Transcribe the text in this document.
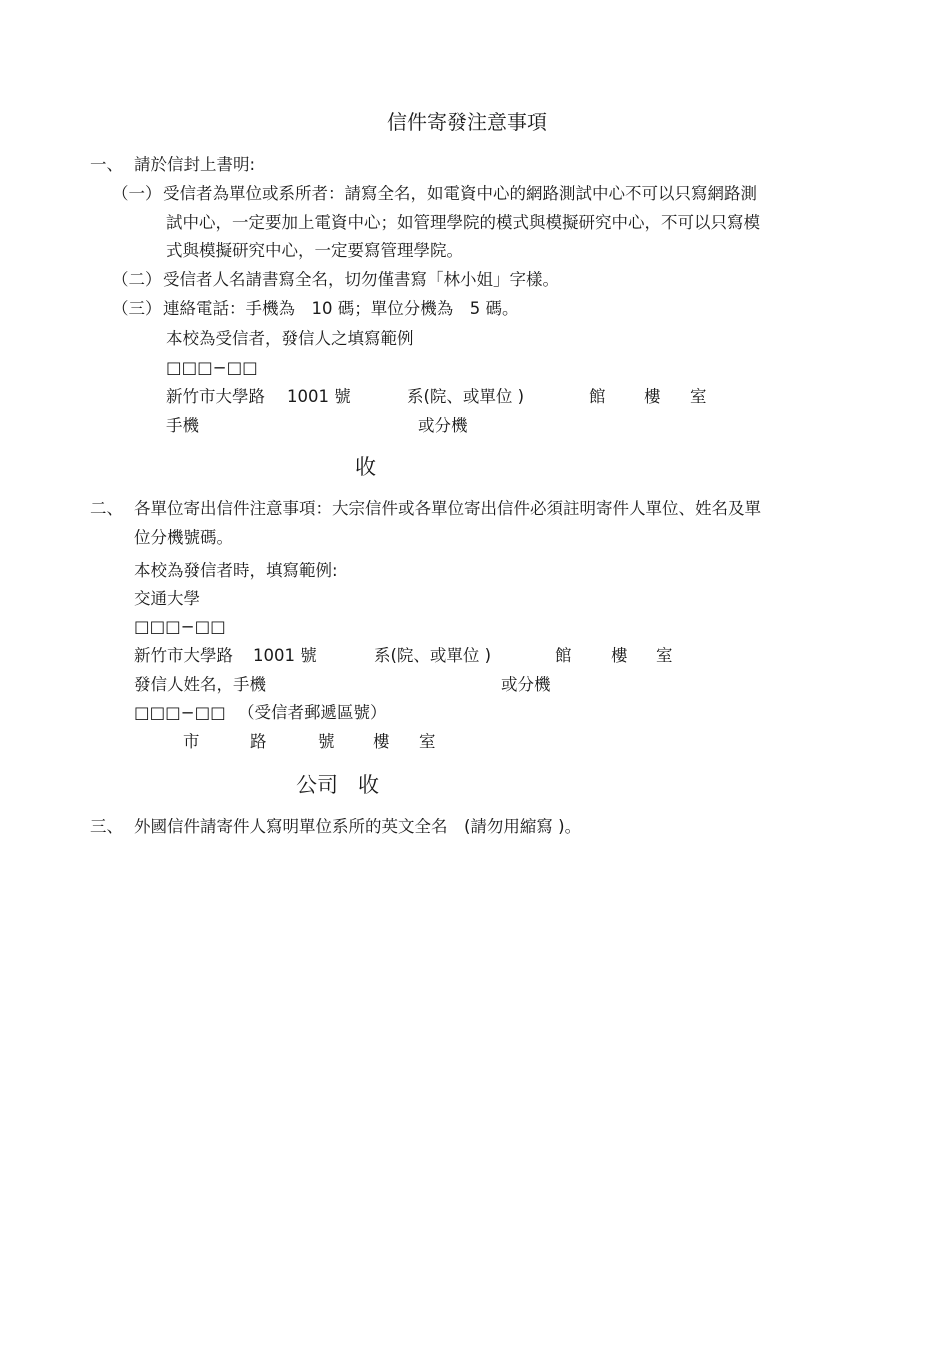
信件寄發注意事項
一、 請於信封上書明:
（一） 受信者為單位或系所者：請寫全名，如電資中心的網路測試中心不可以只寫網路測
試中心，一定要加上電資中心；如管理學院的模式與模擬研究中心，不可以只寫模
式與模擬研究中心，一定要寫管理學院。
（二） 受信者人名請書寫全名，切勿僅書寫「林小姐」字樣。
（三） 連絡電話：手機為　10 碼；單位分機為　5 碼。
本校為受信者，發信人之填寫範例
□□□−□□
新竹市大學路 1001 號	系(院、或單位 )	館 樓 室
手機	或分機
收
二、 各單位寄出信件注意事項：大宗信件或各單位寄出信件必須註明寄件人單位、姓名及單
位分機號碼。
本校為發信者時，填寫範例:
交通大學
□□□−□□
新竹市大學路 1001 號	系(院、或單位 )	館 樓 室
發信人姓名，手機	或分機
□□□−□□ （受信者郵遞區號）
市	路	號 樓 室
公司 收
三、 外國信件請寄件人寫明單位系所的英文全名　(請勿用縮寫 )。
